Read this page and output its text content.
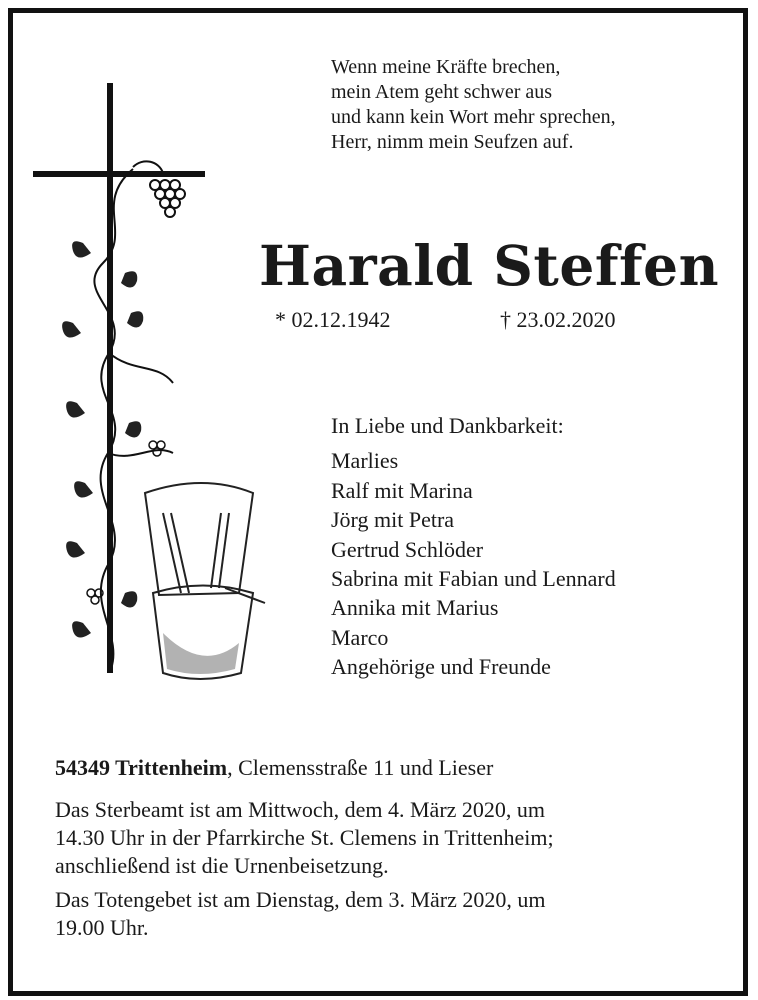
Wenn meine Kräfte brechen,
mein Atem geht schwer aus
und kann kein Wort mehr sprechen,
Herr, nimm mein Seufzen auf.
Harald Steffen
* 02.12.1942	† 23.02.2020
In Liebe und Dankbarkeit:
Marlies
Ralf mit Marina
Jörg mit Petra
Gertrud Schlöder
Sabrina mit Fabian und Lennard
Annika mit Marius
Marco
Angehörige und Freunde
54349 Trittenheim, Clemensstraße 11 und Lieser
Das Sterbeamt ist am Mittwoch, dem 4. März 2020, um
14.30 Uhr in der Pfarrkirche St. Clemens in Trittenheim;
anschließend ist die Urnenbeisetzung.
Das Totengebet ist am Dienstag, dem 3. März 2020, um
19.00 Uhr.
